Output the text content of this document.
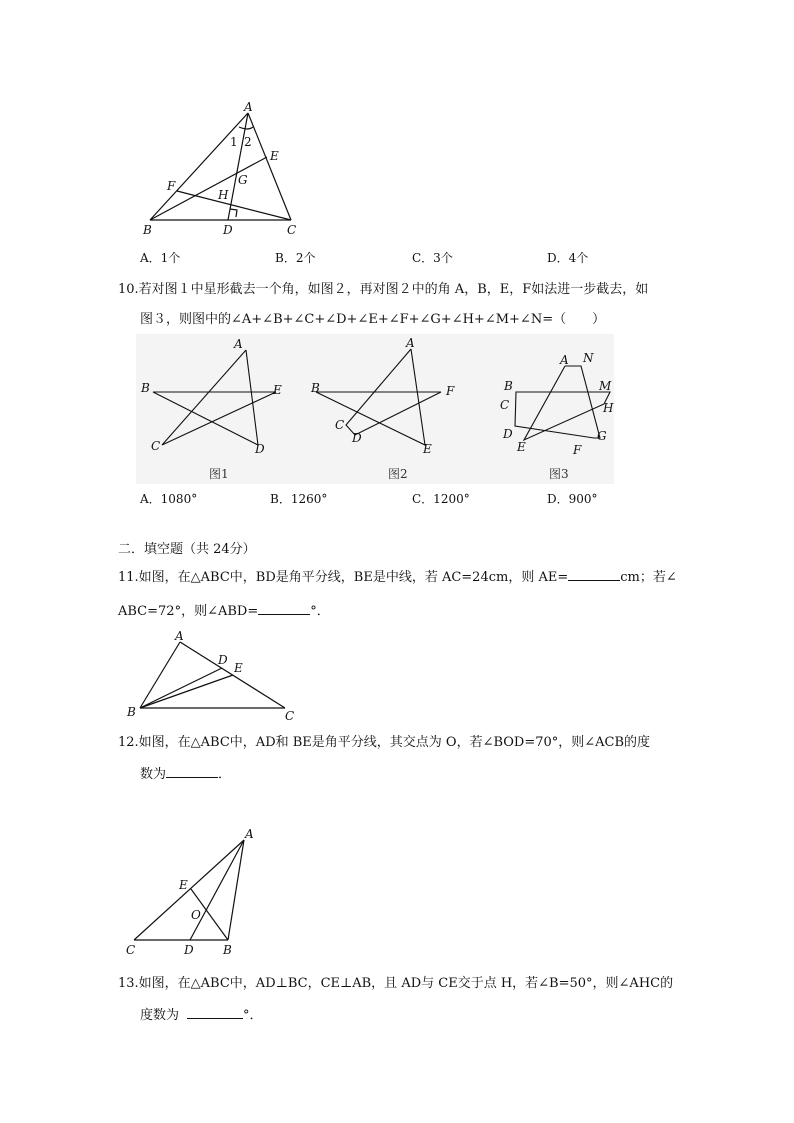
A
E
F	G
H
B	D	C
1 2
A．1个	B．2个	C．3个	D．4个
10.若对图１中星形截去一个角，如图２，再对图２中的角 A，B，E，F如法进一步截去，如
图３，则图中的∠A+∠B+∠C+∠D+∠E+∠F+∠G+∠H+∠M+∠N=（　　）
A
B	E
C	D
图1
A
B	F
C
D
E
图2
A N
B	M
C	H
D
E	F
G
图3
A．1080°	B．1260°	C．1200°	D．900°
二．填空题（共 24分）
11.如图，在△ABC中，BD是角平分线，BE是中线，若 AC=24cm，则 AE=	cm；若∠
ABC=72°，则∠ABD=	°．
A
D
E
B	C
12.如图，在△ABC中，AD和 BE是角平分线，其交点为 O，若∠BOD=70°，则∠ACB的度
数为	．
A
E
O
C	D B
13.如图，在△ABC中，AD⊥BC，CE⊥AB，且 AD与 CE交于点 H，若∠B=50°，则∠AHC的
度数为	°．
